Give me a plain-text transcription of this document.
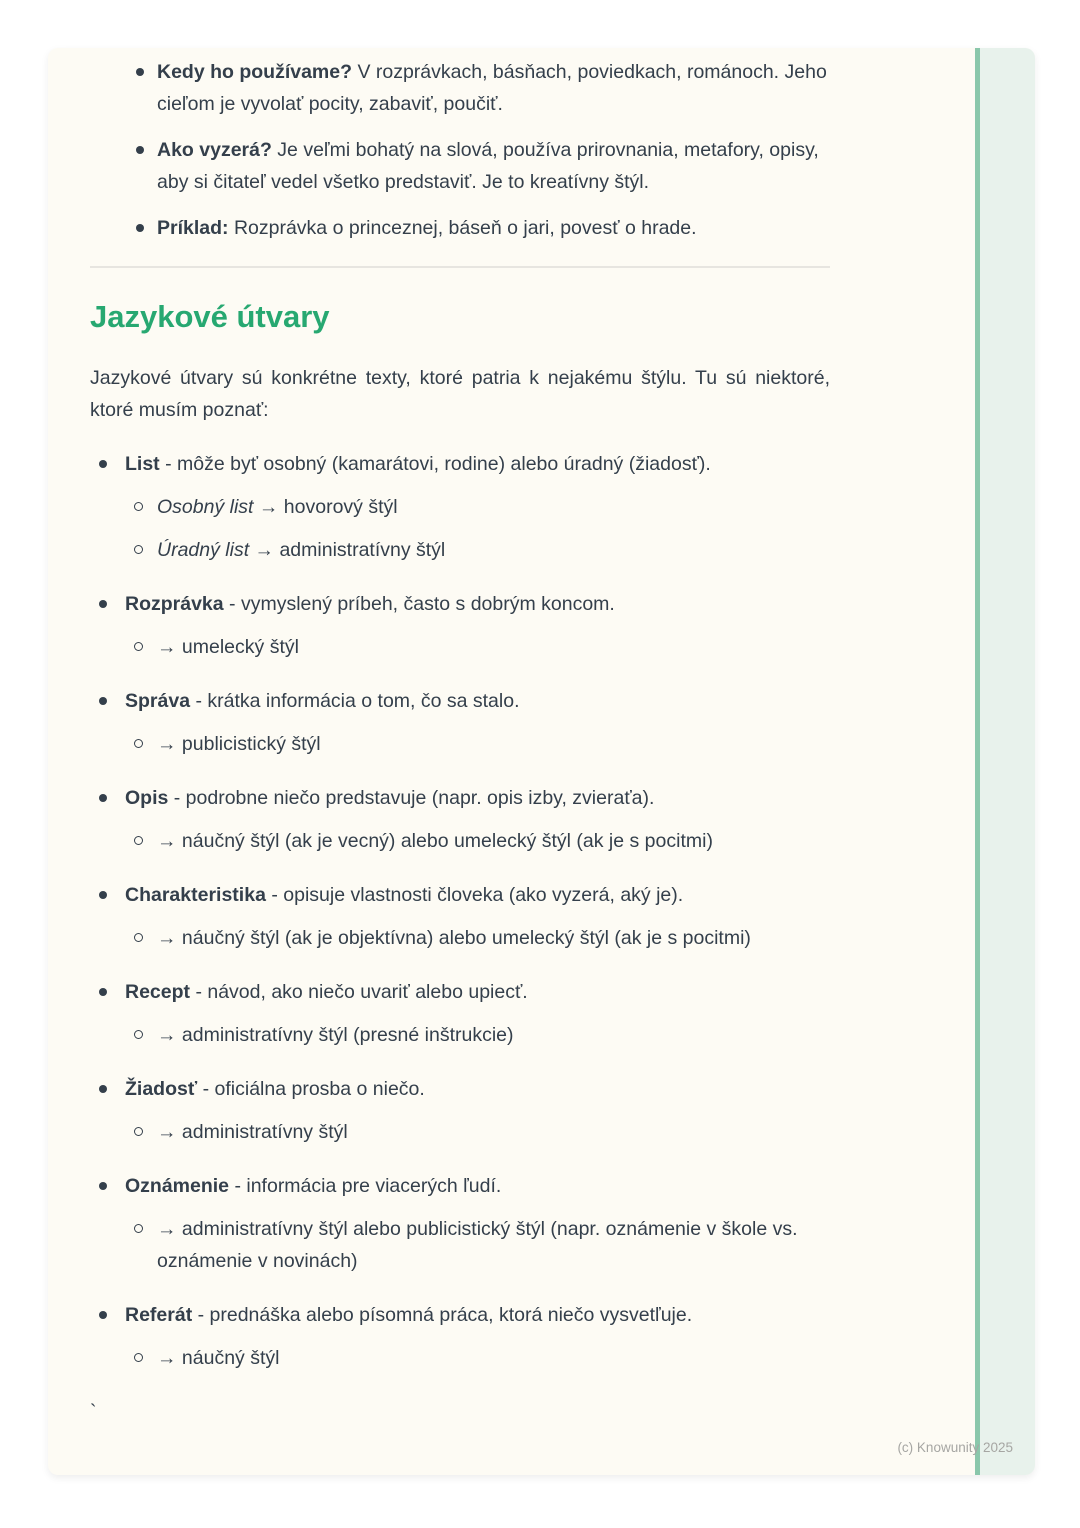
Kedy ho používame? V rozprávkach, básňach, poviedkach, románoch. Jeho cieľom je vyvolať pocity, zabaviť, poučiť.
Ako vyzerá? Je veľmi bohatý na slová, používa prirovnania, metafory, opisy, aby si čitateľ vedel všetko predstaviť. Je to kreatívny štýl.
Príklad: Rozprávka o princeznej, báseň o jari, povesť o hrade.
Jazykové útvary

Jazykové útvary sú konkrétne texty, ktoré patria k nejakému štýlu. Tu sú niektoré, ktoré musím poznať:

List - môže byť osobný (kamarátovi, rodine) alebo úradný (žiadosť).
Osobný list → hovorový štýl
Úradný list → administratívny štýl
Rozprávka - vymyslený príbeh, často s dobrým koncom.
→ umelecký štýl
Správa - krátka informácia o tom, čo sa stalo.
→ publicistický štýl
Opis - podrobne niečo predstavuje (napr. opis izby, zvieraťa).
→ náučný štýl (ak je vecný) alebo umelecký štýl (ak je s pocitmi)
Charakteristika - opisuje vlastnosti človeka (ako vyzerá, aký je).
→ náučný štýl (ak je objektívna) alebo umelecký štýl (ak je s pocitmi)
Recept - návod, ako niečo uvariť alebo upiecť.
→ administratívny štýl (presné inštrukcie)
Žiadosť - oficiálna prosba o niečo.
→ administratívny štýl
Oznámenie - informácia pre viacerých ľudí.
→ administratívny štýl alebo publicistický štýl (napr. oznámenie v škole vs. oznámenie v novinách)
Referát - prednáška alebo písomná práca, ktorá niečo vysvetľuje.
→ náučný štýl
`
(c) Knowunity 2025
